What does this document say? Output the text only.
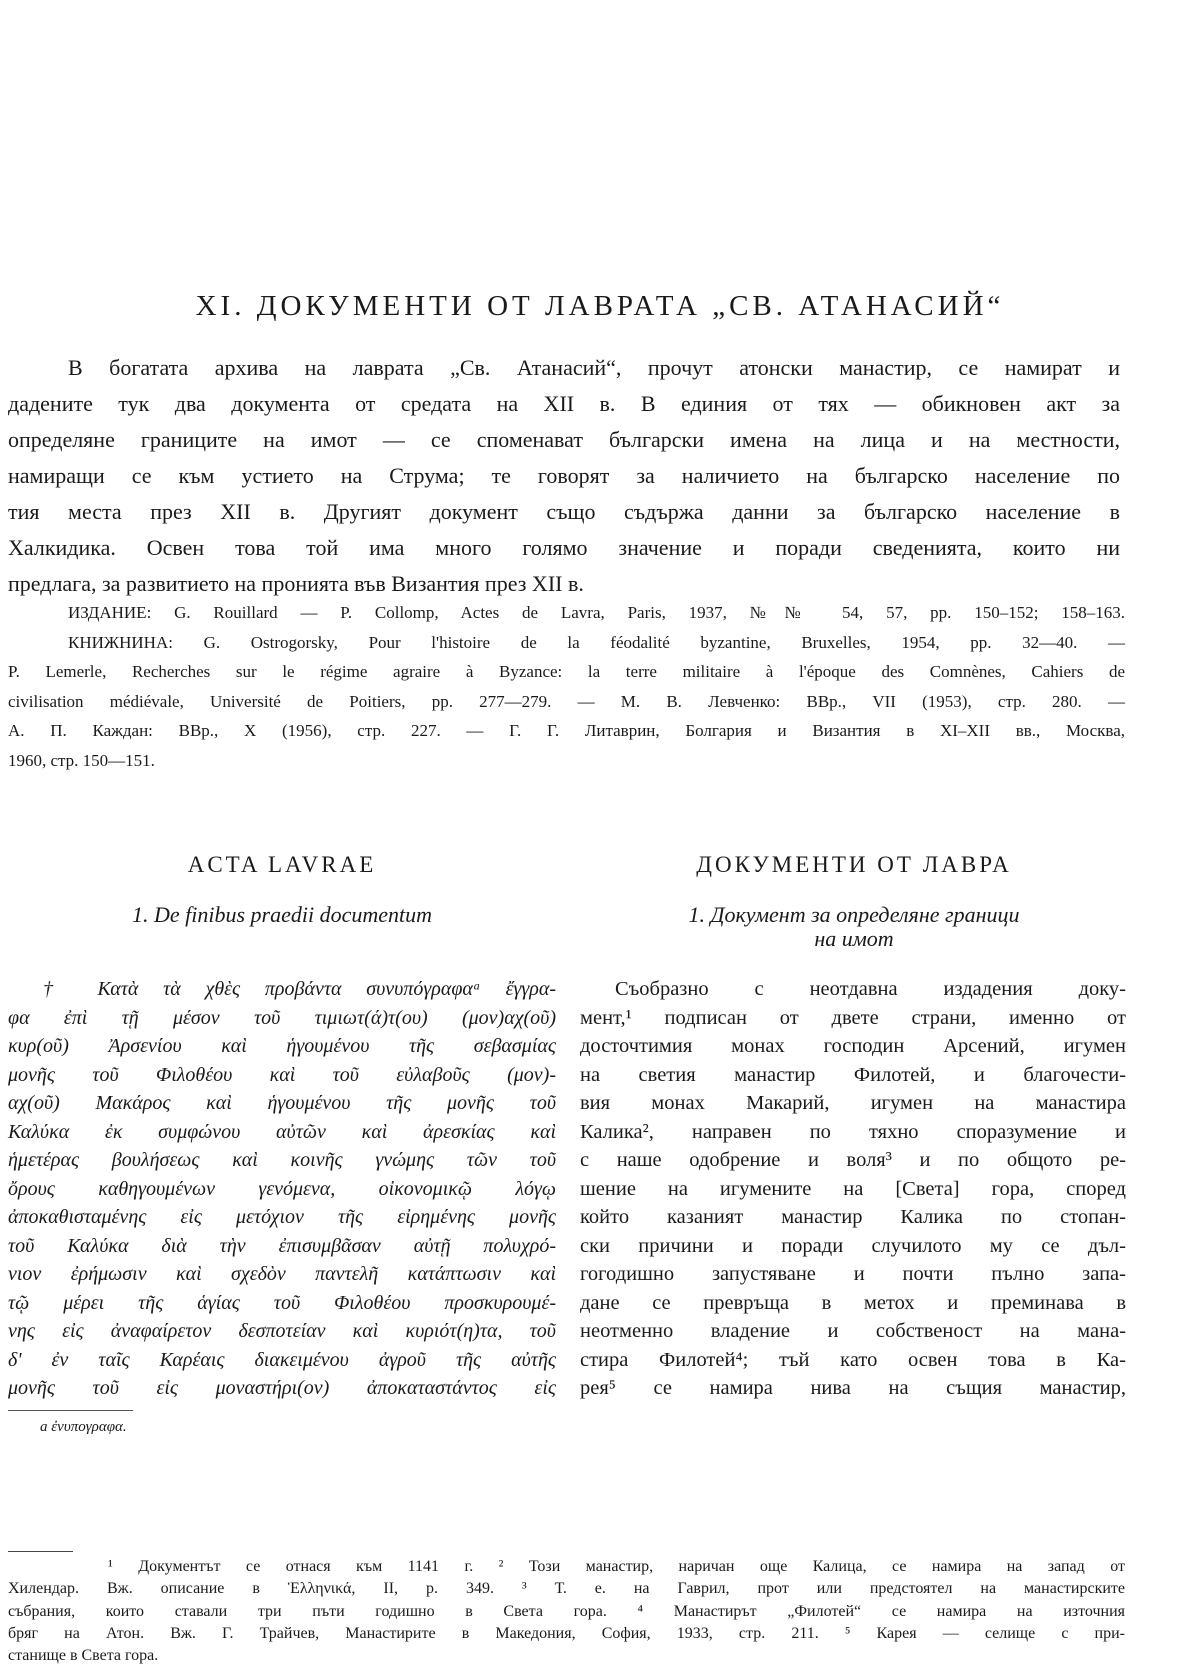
XI. ДОКУМЕНТИ ОТ ЛАВРАТА „СВ. АТАНАСИЙ“
В богатата архива на лаврата „Св. Атанасий“, прочут атонски манастир, се намират и
дадените тук два документа от средата на XII в. В единия от тях — обикновен акт за
определяне границите на имот — се споменават български имена на лица и на местности,
намиращи се към устието на Струма; те говорят за наличието на българско население по
тия места през XII в. Другият документ също съдържа данни за българско население в
Халкидика. Освен това той има много голямо значение и поради сведенията, които ни
предлага, за развитието на пронията във Византия през XII в.
ИЗДАНИЕ: G. Rouillard — P. Collomp, Actes de Lavra, Paris, 1937, №№ 54, 57, pp. 150–152; 158–163.
КНИЖНИНА: G. Ostrogorsky, Pour l'histoire de la féodalité byzantine, Bruxelles, 1954, pp. 32—40. —
P. Lemerle, Recherches sur le régime agraire à Byzance: la terre militaire à l'époque des Comnènes, Cahiers de
civilisation médiévale, Université de Poitiers, pp. 277—279. — М. В. Левченко: ВВр., VII (1953), стр. 280. —
А. П. Каждан: ВВр., X (1956), стр. 227. — Г. Г. Литаврин, Болгария и Византия в XI–XII вв., Москва,
1960, стр. 150—151.
ACTA LAVRAE	ДОКУМЕНТИ ОТ ЛАВРА
1. De finibus praedii documentum	1. Документ за определяне граници
на имот
† Κατὰ τὰ χθὲς προβάντα συνυπόγραφαᵃ ἔγγρα-
φα ἐπὶ τῇ μέσον τοῦ τιμιωτ(ά)τ(ου) (μον)αχ(οῦ)
κυρ(οῦ) Ἀρσενίου καὶ ἡγουμένου τῆς σεβασμίας
μονῆς τοῦ Φιλοθέου καὶ τοῦ εὐλαβοῦς (μον)-
αχ(οῦ) Μακάρος καὶ ἡγουμένου τῆς μονῆς τοῦ
Καλύκα ἐκ συμφώνου αὐτῶν καὶ ἀρεσκίας καὶ
ἡμετέρας βουλήσεως καὶ κοινῆς γνώμης τῶν τοῦ
ὄρους καθηγουμένων γενόμενα, οἰκονομικῷ λόγῳ
ἀποκαθισταμένης εἰς μετόχιον τῆς εἰρημένης μονῆς
τοῦ Καλύκα διὰ τὴν ἐπισυμβᾶσαν αὐτῇ πολυχρό-
νιον ἐρήμωσιν καὶ σχεδὸν παντελῆ κατάπτωσιν καὶ
τῷ μέρει τῆς ἁγίας τοῦ Φιλοθέου προσκυρουμέ-
νης εἰς ἀναφαίρετον δεσποτείαν καὶ κυριότ(η)τα, τοῦ
δ' ἐν ταῖς Καρέαις διακειμένου ἀγροῦ τῆς αὐτῆς
μονῆς τοῦ εἰς μοναστήρι(ον) ἀποκαταστάντος εἰς
Съобразно с неотдавна издадения доку-
мент,¹ подписан от двете страни, именно от
досточтимия монах господин Арсений, игумен
на светия манастир Филотей, и благочести-
вия монах Макарий, игумен на манастира
Калика², направен по тяхно споразумение и
с наше одобрение и воля³ и по общото ре-
шение на игумените на [Света] гора, според
който казаният манастир Калика по стопан-
ски причини и поради случилото му се дъл-
гогодишно запустяване и почти пълно запа-
дане се превръща в метох и преминава в
неотменно владение и собственост на мана-
стира Филотей⁴; тъй като освен това в Ка-
рея⁵ се намира нива на същия манастир,
a ἐνυπογραφα.
¹ Документът се отнася към 1141 г. ² Този манастир, наричан още Калица, се намира на запад от
Хилендар. Вж. описание в Ἑλληνικά, II, p. 349. ³ Т. е. на Гаврил, прот или предстоятел на манастирските
събрания, които ставали три пъти годишно в Света гора. ⁴ Манастирът „Филотей“ се намира на източния
бряг на Атон. Вж. Г. Трайчев, Манастирите в Македония, София, 1933, стр. 211. ⁵ Карея — селище с при-
станище в Света гора.
